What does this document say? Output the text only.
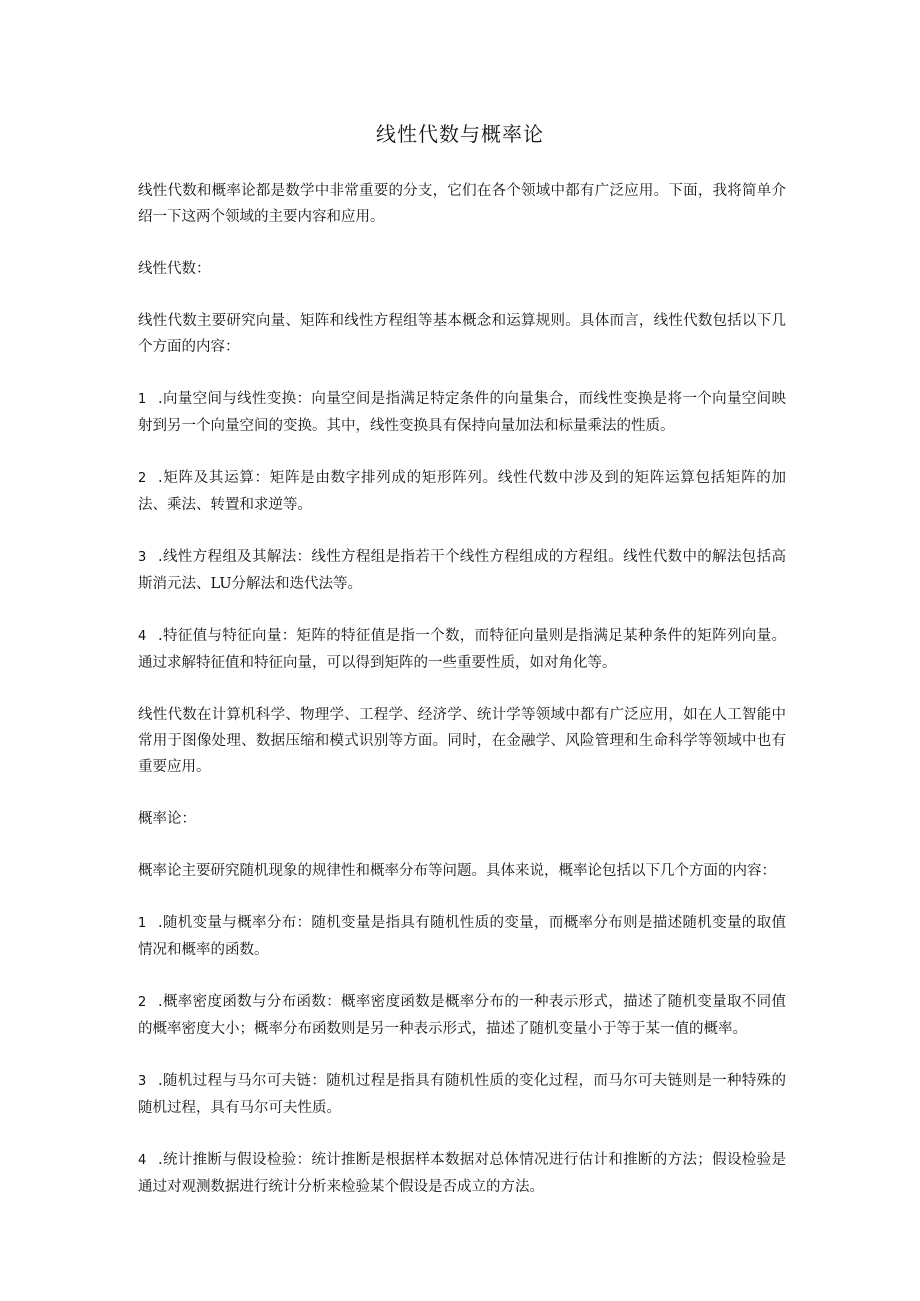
线性代数与概率论

线性代数和概率论都是数学中非常重要的分支，它们在各个领域中都有广泛应用。下面，我将简单介绍一下这两个领域的主要内容和应用。

线性代数：

线性代数主要研究向量、矩阵和线性方程组等基本概念和运算规则。具体而言，线性代数包括以下几个方面的内容：

1 .向量空间与线性变换：向量空间是指满足特定条件的向量集合，而线性变换是将一个向量空间映射到另一个向量空间的变换。其中，线性变换具有保持向量加法和标量乘法的性质。

2 .矩阵及其运算：矩阵是由数字排列成的矩形阵列。线性代数中涉及到的矩阵运算包括矩阵的加法、乘法、转置和求逆等。

3 .线性方程组及其解法：线性方程组是指若干个线性方程组成的方程组。线性代数中的解法包括高斯消元法、LU分解法和迭代法等。

4 .特征值与特征向量：矩阵的特征值是指一个数，而特征向量则是指满足某种条件的矩阵列向量。通过求解特征值和特征向量，可以得到矩阵的一些重要性质，如对角化等。

线性代数在计算机科学、物理学、工程学、经济学、统计学等领域中都有广泛应用，如在人工智能中常用于图像处理、数据压缩和模式识别等方面。同时，在金融学、风险管理和生命科学等领域中也有重要应用。

概率论：

概率论主要研究随机现象的规律性和概率分布等问题。具体来说，概率论包括以下几个方面的内容：

1 .随机变量与概率分布：随机变量是指具有随机性质的变量，而概率分布则是描述随机变量的取值情况和概率的函数。

2 .概率密度函数与分布函数：概率密度函数是概率分布的一种表示形式，描述了随机变量取不同值的概率密度大小；概率分布函数则是另一种表示形式，描述了随机变量小于等于某一值的概率。

3 .随机过程与马尔可夫链：随机过程是指具有随机性质的变化过程，而马尔可夫链则是一种特殊的随机过程，具有马尔可夫性质。

4 .统计推断与假设检验：统计推断是根据样本数据对总体情况进行估计和推断的方法；假设检验是通过对观测数据进行统计分析来检验某个假设是否成立的方法。
